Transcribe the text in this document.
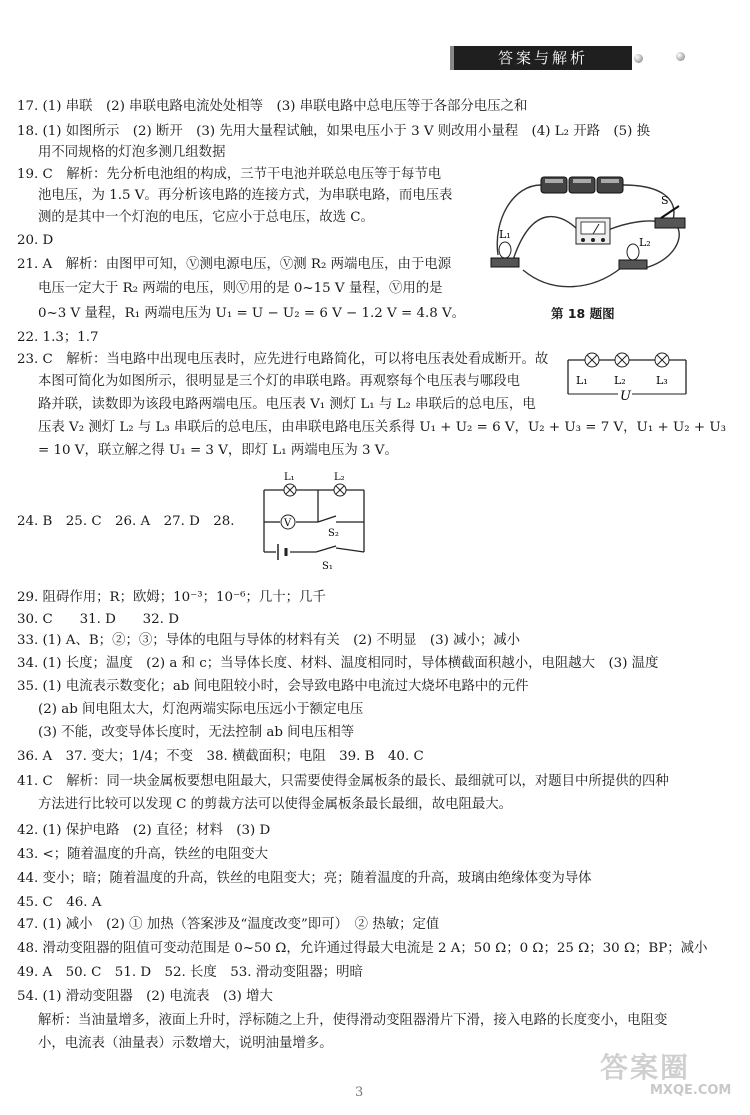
答案与解析
17. (1) 串联　(2) 串联电路电流处处相等　(3) 串联电路中总电压等于各部分电压之和
18. (1) 如图所示　(2) 断开　(3) 先用大量程试触，如果电压小于 3 V 则改用小量程　(4) L₂ 开路　(5) 换
用不同规格的灯泡多测几组数据
19. C　解析：先分析电池组的构成，三节干电池并联总电压等于每节电
池电压，为 1.5 V。再分析该电路的连接方式，为串联电路，而电压表
测的是其中一个灯泡的电压，它应小于总电压，故选 C。
20. D
21. A　解析：由图甲可知，Ⓥ测电源电压，Ⓥ测 R₂ 两端电压，由于电源
电压一定大于 R₂ 两端的电压，则Ⓥ用的是 0~15 V 量程，Ⓥ用的是
0~3 V 量程，R₁ 两端电压为 U₁ = U − U₂ = 6 V − 1.2 V = 4.8 V。
22. 1.3；1.7
23. C　解析：当电路中出现电压表时，应先进行电路简化，可以将电压表处看成断开。故
本图可简化为如图所示，很明显是三个灯的串联电路。再观察每个电压表与哪段电
路并联，读数即为该段电路两端电压。电压表 V₁ 测灯 L₁ 与 L₂ 串联后的总电压，电
压表 V₂ 测灯 L₂ 与 L₃ 串联后的总电压，由串联电路电压关系得 U₁ + U₂ = 6 V，U₂ + U₃ = 7 V，U₁ + U₂ + U₃
= 10 V，联立解之得 U₁ = 3 V，即灯 L₁ 两端电压为 3 V。
24. B　25. C　26. A　27. D　28.
29. 阻碍作用；R；欧姆；10⁻³；10⁻⁶；几十；几千
30. C　　31. D　　32. D
33. (1) A、B；②；③；导体的电阻与导体的材料有关　(2) 不明显　(3) 减小；减小
34. (1) 长度；温度　(2) a 和 c；当导体长度、材料、温度相同时，导体横截面积越小，电阻越大　(3) 温度
35. (1) 电流表示数变化；ab 间电阻较小时，会导致电路中电流过大烧坏电路中的元件
(2) ab 间电阻太大，灯泡两端实际电压远小于额定电压
(3) 不能，改变导体长度时，无法控制 ab 间电压相等
36. A　37. 变大；1/4；不变　38. 横截面积；电阻　39. B　40. C
41. C　解析：同一块金属板要想电阻最大，只需要使得金属板条的最长、最细就可以，对题目中所提供的四种
方法进行比较可以发现 C 的剪裁方法可以使得金属板条最长最细，故电阻最大。
42. (1) 保护电路　(2) 直径；材料　(3) D
43. <；随着温度的升高，铁丝的电阻变大
44. 变小；暗；随着温度的升高，铁丝的电阻变大；亮；随着温度的升高，玻璃由绝缘体变为导体
45. C　46. A
47. (1) 减小　(2) ① 加热（答案涉及“温度改变”即可）　② 热敏；定值
48. 滑动变阻器的阻值可变动范围是 0~50 Ω，允许通过得最大电流是 2 A；50 Ω；0 Ω；25 Ω；30 Ω；BP；减小
49. A　50. C　51. D　52. 长度　53. 滑动变阻器；明暗
54. (1) 滑动变阻器　(2) 电流表　(3) 增大
解析：当油量增多，液面上升时，浮标随之上升，使得滑动变阻器滑片下滑，接入电路的长度变小，电阻变
小，电流表（油量表）示数增大，说明油量增多。
S
L₁
L₂
第 18 题图
L₁ L₂	L₃
U
V
L₁	L₂
S₂
S₁
3
答案圈
MXQE.COM
